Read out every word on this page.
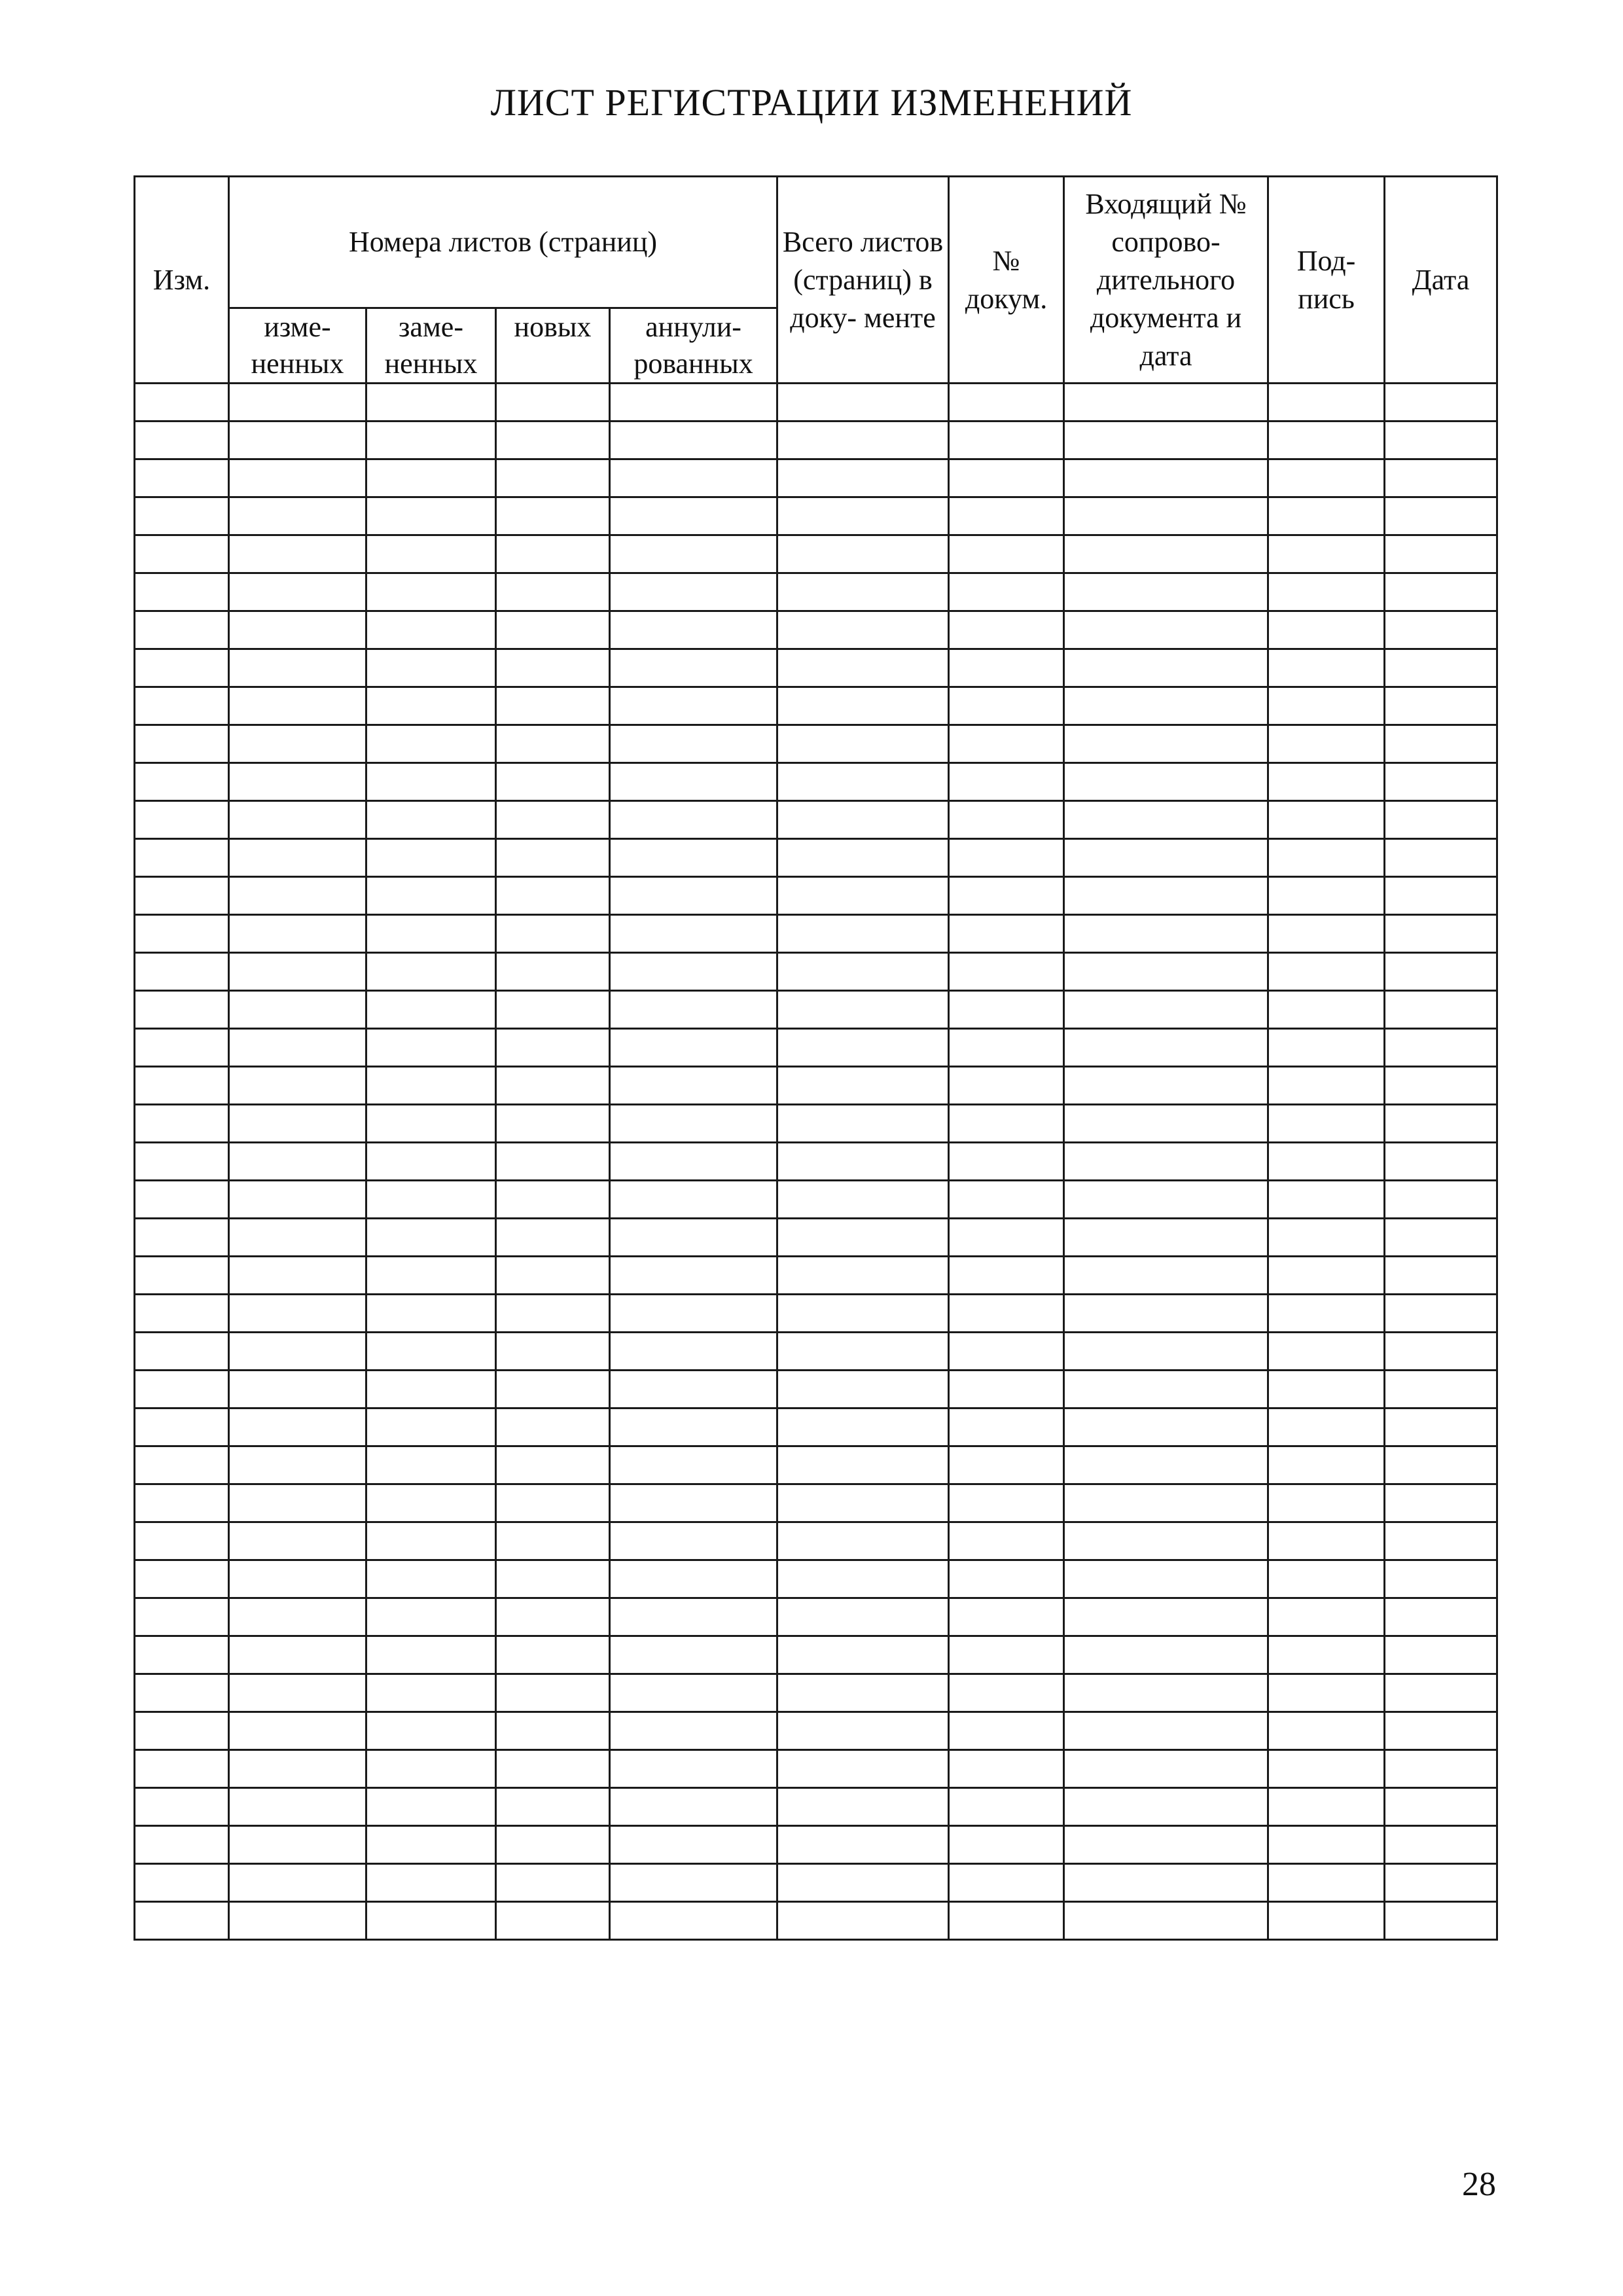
ЛИСТ РЕГИСТРАЦИИ ИЗМЕНЕНИЙ
Изм.	Номера листов (страниц)				Всего листов (страниц) в доку- менте	№ докум.	Входящий № сопрово- дительного документа и дата	Под- пись	Дата

	изме- ненных	заме- ненных	новых	аннули- рованных					

28
